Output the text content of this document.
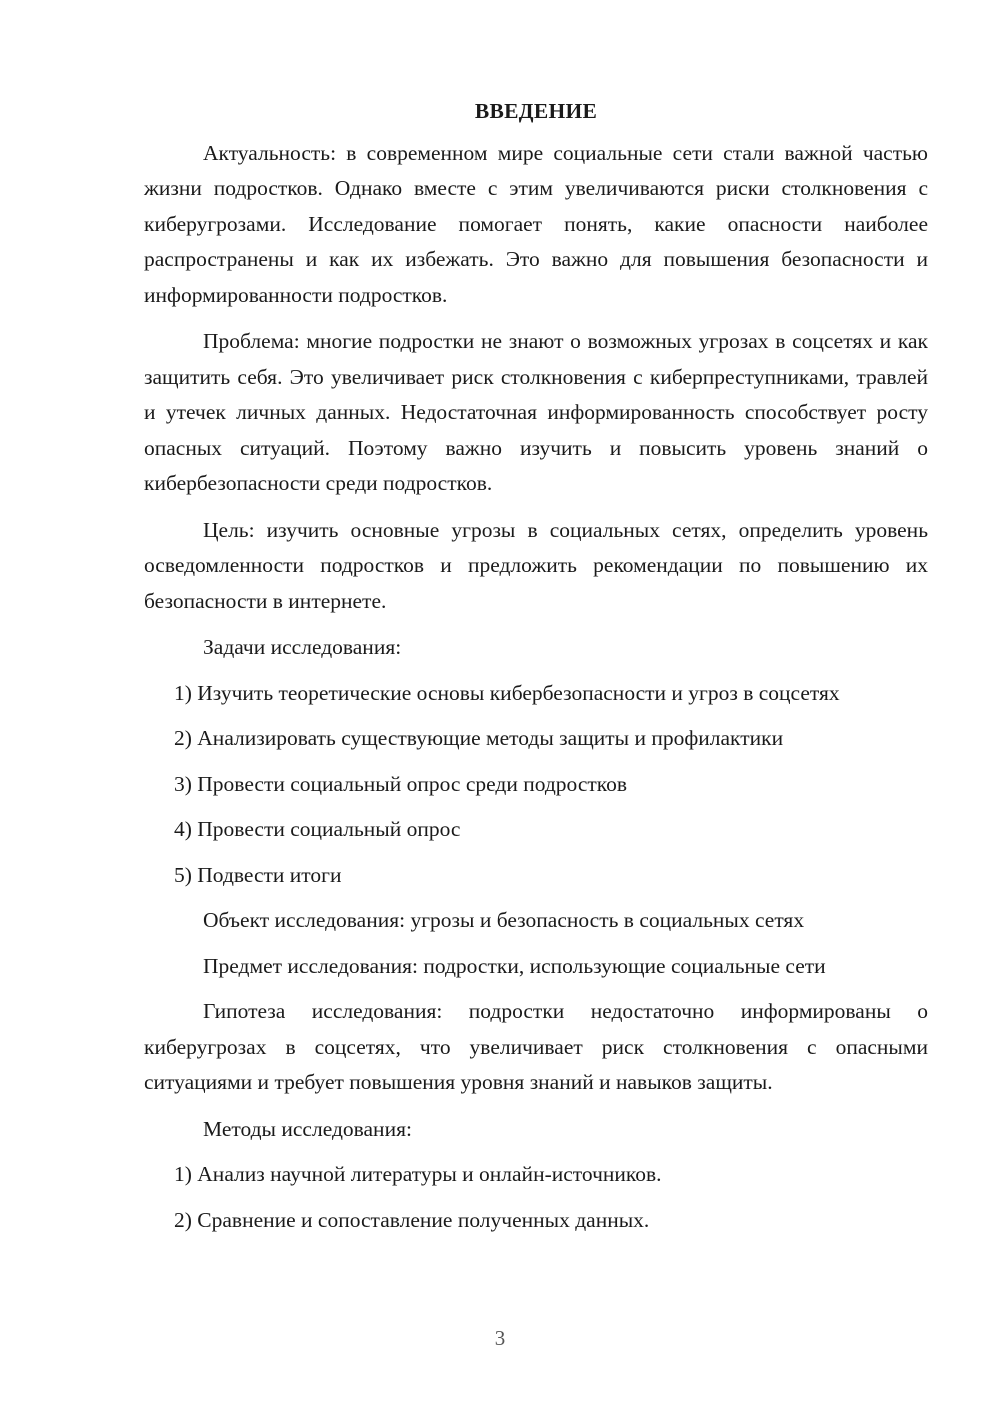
ВВЕДЕНИЕ

Актуальность: в современном мире социальные сети стали важной частью жизни подростков. Однако вместе с этим увеличиваются риски столкновения с киберугрозами. Исследование помогает понять, какие опасности наиболее распространены и как их избежать. Это важно для повышения безопасности и информированности подростков.

Проблема: многие подростки не знают о возможных угрозах в соцсетях и как защитить себя. Это увеличивает риск столкновения с киберпреступниками, травлей и утечек личных данных. Недостаточная информированность способствует росту опасных ситуаций. Поэтому важно изучить и повысить уровень знаний о кибербезопасности среди подростков.

Цель: изучить основные угрозы в социальных сетях, определить уровень осведомленности подростков и предложить рекомендации по повышению их безопасности в интернете.

Задачи исследования:

1) Изучить теоретические основы кибербезопасности и угроз в соцсетях

2) Анализировать существующие методы защиты и профилактики

3) Провести социальный опрос среди подростков

4) Провести социальный опрос

5) Подвести итоги

Объект исследования: угрозы и безопасность в социальных сетях

Предмет исследования: подростки, использующие социальные сети

Гипотеза исследования: подростки недостаточно информированы о киберугрозах в соцсетях, что увеличивает риск столкновения с опасными ситуациями и требует повышения уровня знаний и навыков защиты.

Методы исследования:

1) Анализ научной литературы и онлайн-источников.

2) Сравнение и сопоставление полученных данных.

3
